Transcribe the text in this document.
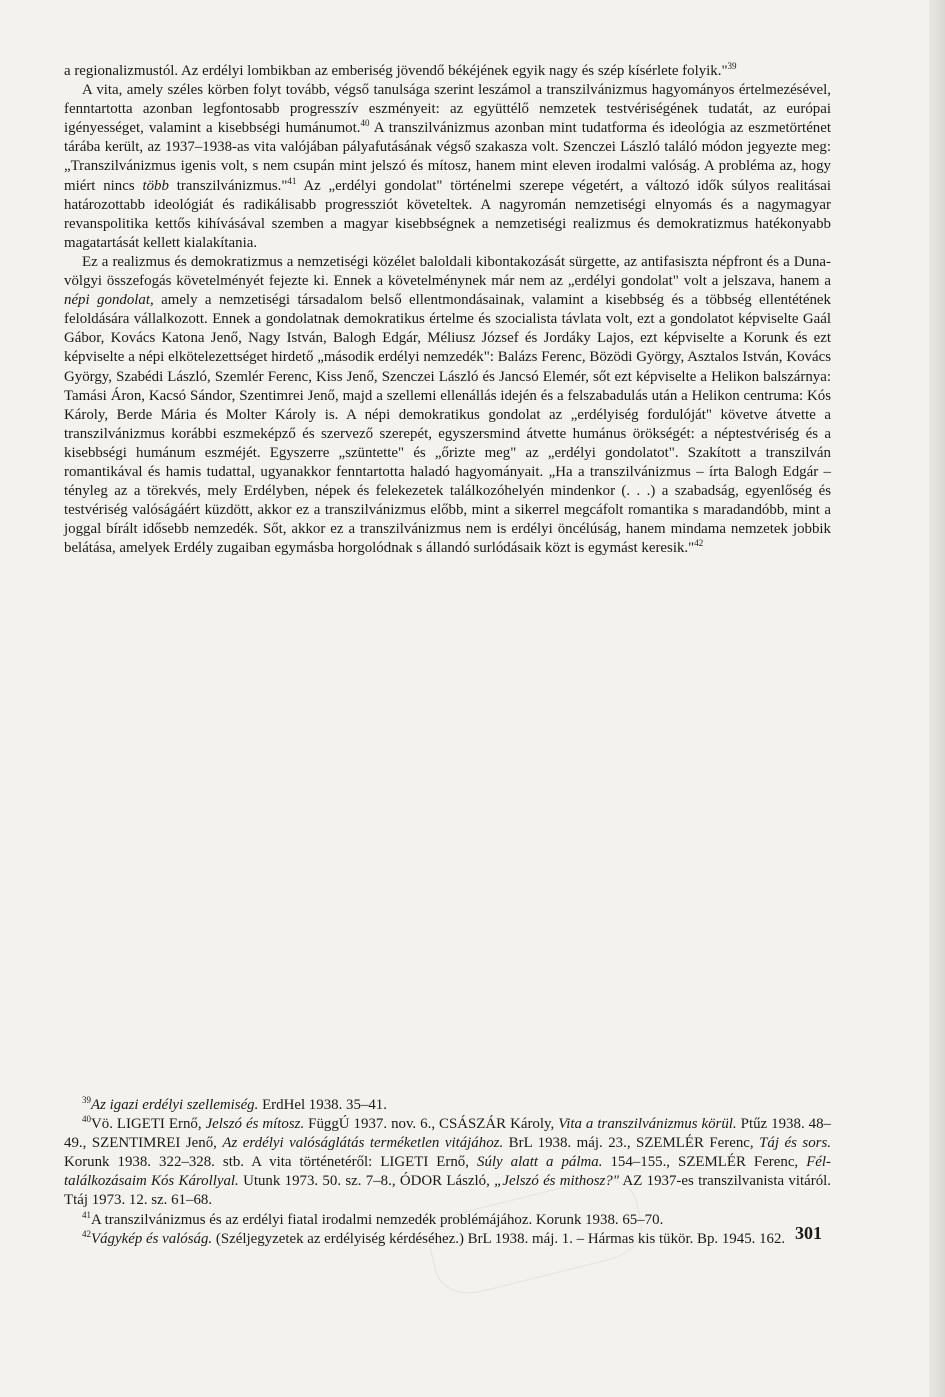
a regionalizmustól. Az erdélyi lombikban az emberiség jövendő békéjének egyik nagy és szép kísérlete folyik."$^{39}$

A vita, amely széles körben folyt tovább, végső tanulsága szerint leszámol a transzilvánizmus hagyományos értelmezésével, fenntartotta azonban legfontosabb progresszív eszményeit: az együttélő nemzetek testvériségének tudatát, az európai igényességet, valamint a kisebbségi humánumot.$^{40}$ A transzilvánizmus azonban mint tudatforma és ideológia az eszmetörténet tárába került, az 1937–1938-as vita valójában pályafutásának végső szakasza volt. Szenczei László találó módon jegyezte meg: „Transzilvánizmus igenis volt, s nem csupán mint jelszó és mítosz, hanem mint eleven irodalmi valóság. A probléma az, hogy miért nincs több transzilvánizmus."$^{41}$ Az „erdélyi gondolat" történelmi szerepe végetért, a változó idők súlyos realitásai határozottabb ideológiát és radikálisabb progressziót követeltek. A nagyromán nemzetiségi elnyomás és a nagymagyar revanspolitika kettős kihívásával szemben a magyar kisebbségnek a nemzetiségi realizmus és demokratizmus hatékonyabb magatartását kellett kialakítania.

Ez a realizmus és demokratizmus a nemzetiségi közélet baloldali kibontakozását sürgette, az antifasiszta népfront és a Duna-völgyi összefogás követelményét fejezte ki. Ennek a követelménynek már nem az „erdélyi gondolat" volt a jelszava, hanem a népi gondolat, amely a nemzetiségi társadalom belső ellentmondásainak, valamint a kisebbség és a többség ellentétének feloldására vállalkozott. Ennek a gondolatnak demokratikus értelme és szocialista távlata volt, ezt a gondolatot képviselte Gaál Gábor, Kovács Katona Jenő, Nagy István, Balogh Edgár, Méliusz József és Jordáky Lajos, ezt képviselte a Korunk és ezt képviselte a népi elkötelezettséget hirdető „második erdélyi nemzedék": Balázs Ferenc, Bözödi György, Asztalos István, Kovács György, Szabédi László, Szemlér Ferenc, Kiss Jenő, Szenczei László és Jancsó Elemér, sőt ezt képviselte a Helikon balszárnya: Tamási Áron, Kacsó Sándor, Szentimrei Jenő, majd a szellemi ellenállás idején és a felszabadulás után a Helikon centruma: Kós Károly, Berde Mária és Molter Károly is. A népi demokratikus gondolat az „erdélyiség fordulóját" követve átvette a transzilvánizmus korábbi eszmeképző és szervező szerepét, egyszersmind átvette humánus örökségét: a néptestvériség és a kisebbségi humánum eszméjét. Egyszerre „szüntette" és „őrizte meg" az „erdélyi gondolatot". Szakított a transzilván romantikával és hamis tudattal, ugyanakkor fenntartotta haladó hagyományait. „Ha a transzilvánizmus – írta Balogh Edgár – tényleg az a törekvés, mely Erdélyben, népek és felekezetek találkozóhelyén mindenkor (. . .) a szabadság, egyenlőség és testvériség valóságáért küzdött, akkor ez a transzilvánizmus előbb, mint a sikerrel megcáfolt romantika s maradandóbb, mint a joggal bírált idősebb nemzedék. Sőt, akkor ez a transzilvánizmus nem is erdélyi öncélúság, hanem mindama nemzetek jobbik belátása, amelyek Erdély zugaiban egymásba horgolódnak s állandó surlódásaik közt is egymást keresik."$^{42}$

$^{39}$Az igazi erdélyi szellemiség. ErdHel 1938. 35–41.

$^{40}$Vö. LIGETI Ernő, Jelszó és mítosz. FüggÚ 1937. nov. 6., CSÁSZÁR Károly, Vita a transzilvánizmus körül. Ptűz 1938. 48–49., SZENTIMREI Jenő, Az erdélyi valóságlátás terméketlen vitájához. BrL 1938. máj. 23., SZEMLÉR Ferenc, Táj és sors. Korunk 1938. 322–328. stb. A vita történetéről: LIGETI Ernő, Súly alatt a pálma. 154–155., SZEMLÉR Ferenc, Fél-találkozásaim Kós Károllyal. Utunk 1973. 50. sz. 7–8., ÓDOR László, „Jelszó és mithosz?" AZ 1937-es transzilvanista vitáról. Ttáj 1973. 12. sz. 61–68.

$^{41}$A transzilvánizmus és az erdélyi fiatal irodalmi nemzedék problémájához. Korunk 1938. 65–70.

$^{42}$Vágykép és valóság. (Széljegyzetek az erdélyiség kérdéséhez.) BrL 1938. máj. 1. – Hármas kis tükör. Bp. 1945. 162. 301
